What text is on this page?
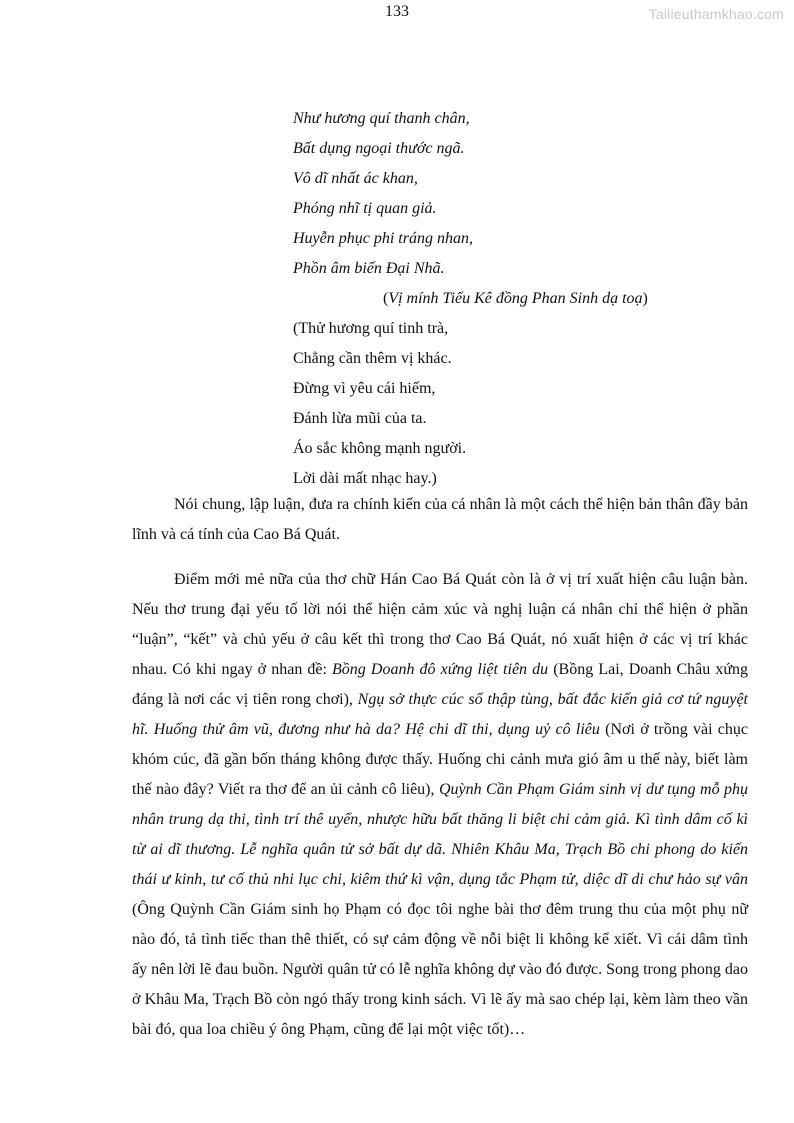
133	Tailieuthamkhao.com
Như hương quí thanh chân,
Bất dụng ngoại thước ngã.
Vô dĩ nhất ác khan,
Phóng nhĩ tị quan giả.
Huyễn phục phi tráng nhan,
Phồn âm biến Đại Nhã.
(Vị mính Tiểu Kê đồng Phan Sinh dạ toạ)
(Thử hương quí tinh trà,
Chẳng cần thêm vị khác.
Đừng vì yêu cái hiếm,
Đánh lừa mũi của ta.
Áo sắc không mạnh người.
Lời dài mất nhạc hay.)

Nói chung, lập luận, đưa ra chính kiến của cá nhân là một cách thể hiện bản thân đầy bản lĩnh và cá tính của Cao Bá Quát.

Điểm mới mẻ nữa của thơ chữ Hán Cao Bá Quát còn là ở vị trí xuất hiện câu luận bàn. Nếu thơ trung đại yếu tố lời nói thể hiện cảm xúc và nghị luận cá nhân chỉ thể hiện ở phần “luận”, “kết” và chủ yếu ở câu kết thì trong thơ Cao Bá Quát, nó xuất hiện ở các vị trí khác nhau. Có khi ngay ở nhan đề: Bồng Doanh đô xứng liệt tiên du (Bồng Lai, Doanh Châu xứng đáng là nơi các vị tiên rong chơi), Ngụ sở thực cúc sổ thập tùng, bất đắc kiến giả cơ tứ nguyệt hĩ. Huống thử âm vũ, đương như hà da? Hệ chi dĩ thi, dụng uỷ cô liêu (Nơi ở trồng vài chục khóm cúc, đã gần bốn tháng không được thấy. Huống chi cảnh mưa gió âm u thế này, biết làm thế nào đây? Viết ra thơ để an ủi cảnh cô liêu), Quỳnh Cần Phạm Giám sinh vị dư tụng mỗ phụ nhân trung dạ thi, tình trí thê uyển, nhược hữu bất thăng li biệt chi cảm giả. Kì tình dâm cố kì từ ai dĩ thương. Lễ nghĩa quân tử sở bất dự dã. Nhiên Khâu Ma, Trạch Bồ chi phong do kiến thái ư kinh, tư cố thủ nhi lục chi, kiêm thứ kì vận, dụng tắc Phạm tử, diệc dĩ di chư hảo sự vân (Ông Quỳnh Cần Giám sinh họ Phạm có đọc tôi nghe bài thơ đêm trung thu của một phụ nữ nào đó, tả tình tiếc than thê thiết, có sự cảm động về nỗi biệt li không kể xiết. Vì cái dâm tình ấy nên lời lẽ đau buồn. Người quân tử có lễ nghĩa không dự vào đó được. Song trong phong dao ở Khâu Ma, Trạch Bồ còn ngó thấy trong kinh sách. Vì lẽ ấy mà sao chép lại, kèm làm theo vần bài đó, qua loa chiều ý ông Phạm, cũng để lại một việc tốt)…
